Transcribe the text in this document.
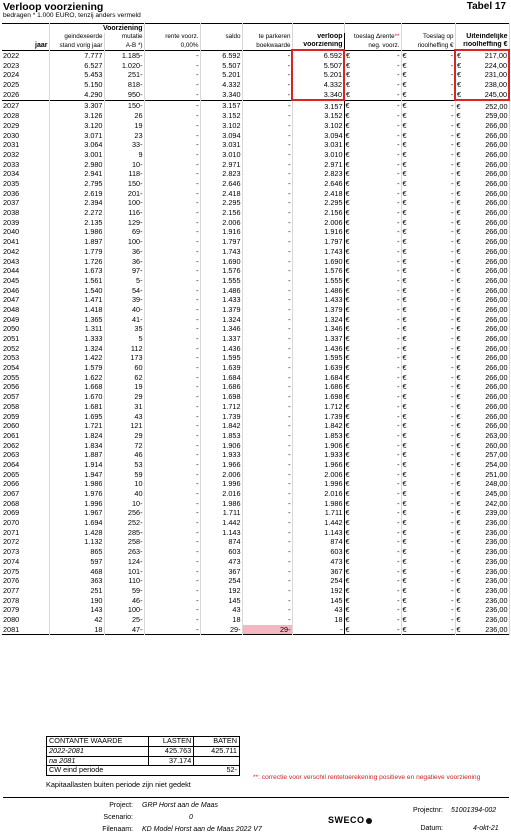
Verloop voorziening
bedragen * 1.000 EURO, tenzij anders vermeld
Tabel 17
	Voorziening								
	geindexeerde	mutatie	rente voorz.	saldo	te parkeren	verloop	toeslag Δrente**	Toeslag op	Uiteindelijke
jaar	stand vorig jaar	A-B *)	0,00%		boekwaarde	voorziening	neg. voorz.	rioolheffing €	rioolheffing €
2022	7.777	1.185-	-	6.592	-	6.592	€ -	€ -	€ 217,00
2023	6.527	1.020-	-	5.507	-	5.507	€ -	€ -	€ 224,00
2024	5.453	251-	-	5.201	-	5.201	€ -	€ -	€ 231,00
2025	5.150	818-	-	4.332	-	4.332	€ -	€ -	€ 238,00
2026	4.290	950-	-	3.340	-	3.340	€ -	€ -	€ 245,00
2027	3.307	150-	-	3.157	-	3.157	€ -	€ -	€ 252,00
2028	3.126	26	-	3.152	-	3.152	€ -	€ -	€ 259,00
2029	3.120	19	-	3.102	-	3.102	€ -	€ -	€ 266,00
2030	3.071	23	-	3.094	-	3.094	€ -	€ -	€ 266,00
2031	3.064	33-	-	3.031	-	3.031	€ -	€ -	€ 266,00
2032	3.001	9	-	3.010	-	3.010	€ -	€ -	€ 266,00
2033	2.980	10-	-	2.971	-	2.971	€ -	€ -	€ 266,00
2034	2.941	118-	-	2.823	-	2.823	€ -	€ -	€ 266,00
2035	2.795	150-	-	2.646	-	2.646	€ -	€ -	€ 266,00
2036	2.619	201-	-	2.418	-	2.418	€ -	€ -	€ 266,00
2037	2.394	100-	-	2.295	-	2.295	€ -	€ -	€ 266,00
2038	2.272	116-	-	2.156	-	2.156	€ -	€ -	€ 266,00
2039	2.135	129-	-	2.006	-	2.006	€ -	€ -	€ 266,00
2040	1.986	69-	-	1.916	-	1.916	€ -	€ -	€ 266,00
2041	1.897	100-	-	1.797	-	1.797	€ -	€ -	€ 266,00
2042	1.779	36-	-	1.743	-	1.743	€ -	€ -	€ 266,00
2043	1.726	36-	-	1.690	-	1.690	€ -	€ -	€ 266,00
2044	1.673	97-	-	1.576	-	1.576	€ -	€ -	€ 266,00
2045	1.561	5-	-	1.555	-	1.555	€ -	€ -	€ 266,00
2046	1.540	54-	-	1.486	-	1.486	€ -	€ -	€ 266,00
2047	1.471	39-	-	1.433	-	1.433	€ -	€ -	€ 266,00
2048	1.418	40-	-	1.379	-	1.379	€ -	€ -	€ 266,00
2049	1.365	41-	-	1.324	-	1.324	€ -	€ -	€ 266,00
2050	1.311	35	-	1.346	-	1.346	€ -	€ -	€ 266,00
2051	1.333	5	-	1.337	-	1.337	€ -	€ -	€ 266,00
2052	1.324	112	-	1.436	-	1.436	€ -	€ -	€ 266,00
2053	1.422	173	-	1.595	-	1.595	€ -	€ -	€ 266,00
2054	1.579	60	-	1.639	-	1.639	€ -	€ -	€ 266,00
2055	1.622	62	-	1.684	-	1.684	€ -	€ -	€ 266,00
2056	1.668	19	-	1.686	-	1.686	€ -	€ -	€ 266,00
2057	1.670	29	-	1.698	-	1.698	€ -	€ -	€ 266,00
2058	1.681	31	-	1.712	-	1.712	€ -	€ -	€ 266,00
2059	1.695	43	-	1.739	-	1.739	€ -	€ -	€ 266,00
2060	1.721	121	-	1.842	-	1.842	€ -	€ -	€ 266,00
2061	1.824	29	-	1.853	-	1.853	€ -	€ -	€ 263,00
2062	1.834	72	-	1.906	-	1.906	€ -	€ -	€ 260,00
2063	1.887	46	-	1.933	-	1.933	€ -	€ -	€ 257,00
2064	1.914	53	-	1.966	-	1.966	€ -	€ -	€ 254,00
2065	1.947	59	-	2.006	-	2.006	€ -	€ -	€ 251,00
2066	1.986	10	-	1.996	-	1.996	€ -	€ -	€ 248,00
2067	1.976	40	-	2.016	-	2.016	€ -	€ -	€ 245,00
2068	1.996	10-	-	1.986	-	1.986	€ -	€ -	€ 242,00
2069	1.967	256-	-	1.711	-	1.711	€ -	€ -	€ 239,00
2070	1.694	252-	-	1.442	-	1.442	€ -	€ -	€ 236,00
2071	1.428	285-	-	1.143	-	1.143	€ -	€ -	€ 236,00
2072	1.132	258-	-	874	-	874	€ -	€ -	€ 236,00
2073	865	263-	-	603	-	603	€ -	€ -	€ 236,00
2074	597	124-	-	473	-	473	€ -	€ -	€ 236,00
2075	468	101-	-	367	-	367	€ -	€ -	€ 236,00
2076	363	110-	-	254	-	254	€ -	€ -	€ 236,00
2077	251	59-	-	192	-	192	€ -	€ -	€ 236,00
2078	190	46-	-	145	-	145	€ -	€ -	€ 236,00
2079	143	100-	-	43	-	43	€ -	€ -	€ 236,00
2080	42	25-	-	18	-	18	€ -	€ -	€ 236,00
2081	18	47-	-	29-	29-	-	€ -	€ -	€ 236,00
CONTANTE WAARDE	LASTEN	BATEN
2022-2081	425.763	425.711
na 2081	37.174	
CW eind periode		52-
**: correctie voor verschil rentetoerekening positieve en negatieve voorziening
Kapitaallasten buiten periode zijn niet gedekt
Project: GRP Horst aan de Maas
Scenario:	0
Filenaam: KD Model Horst aan de Maas 2022 V7
SWECO
Projectnr: 51001394-002
Datum:	4-okt-21
